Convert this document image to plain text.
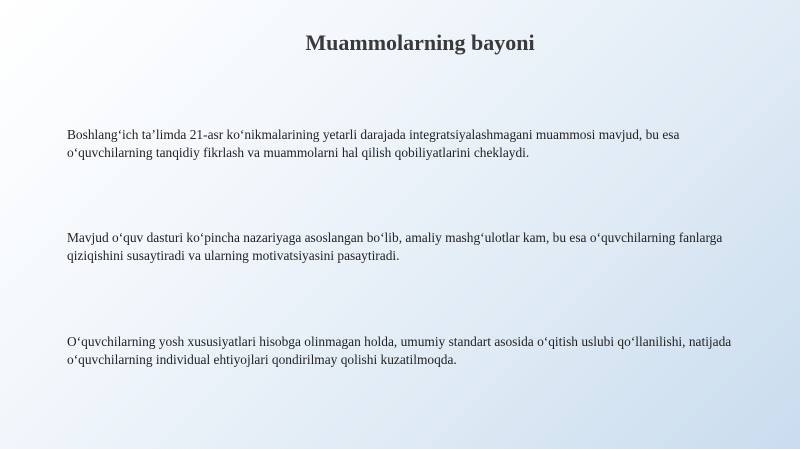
Muammolarning bayoni

Boshlang‘ich ta’limda 21-asr ko‘nikmalarining yetarli darajada integratsiyalashmagani muammosi mavjud, bu esa o‘quvchilarning tanqidiy fikrlash va muammolarni hal qilish qobiliyatlarini cheklaydi.

Mavjud o‘quv dasturi ko‘pincha nazariyaga asoslangan bo‘lib, amaliy mashg‘ulotlar kam, bu esa o‘quvchilarning fanlarga qiziqishini susaytiradi va ularning motivatsiyasini pasaytiradi.

O‘quvchilarning yosh xususiyatlari hisobga olinmagan holda, umumiy standart asosida o‘qitish uslubi qo‘llanilishi, natijada o‘quvchilarning individual ehtiyojlari qondirilmay qolishi kuzatilmoqda.
